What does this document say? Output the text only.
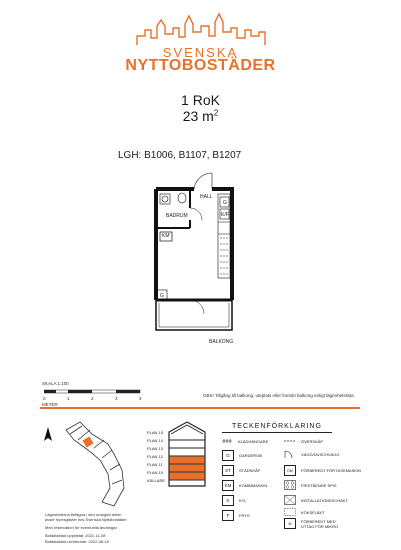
SVENSKA
NYTTOBOSTÄDER
1 RoK
23 $m^2$
LGH: B1006, B1107, B1207
HALL
BADRUM
G
K/F
KM
G
BALKONG
SKALA 1:100
0	1	2	3	4
METER
OBS! Tillgång till balkong, uteplats eller franskt balkong enligt lägenhetslista.
PLAN 15
PLAN 14
PLAN 13
PLAN 12
PLAN 11
PLAN 10
KÄLLARE
TECKENFÖRKLARING
KLÄDHÄNGARE
G	GARDEROB
ST	STÄDSKÅP
KM	KOMBIMASKIN
K	KYL
F	FRYS
ÖVERSKÅP
VÄGG/DUSCHVÄGG
DM	FÖRBEREDT FÖR DISKMASKIN
FRISTÅENDE SPIS
INSTALLATIONSSCHAKT
KÖKSFLÄKT
M	FÖRBEREDT MED UTTAG FÖR MIKRO
Lägenheterna belägna i den orangea delen
avser hyresgäster hos Svenska Nyttobostäder
Med reservation för eventuella ändringar.
Bofaktablad upprättat: 2021-11-08
Bofaktablad reviderade: 2022-06-16
